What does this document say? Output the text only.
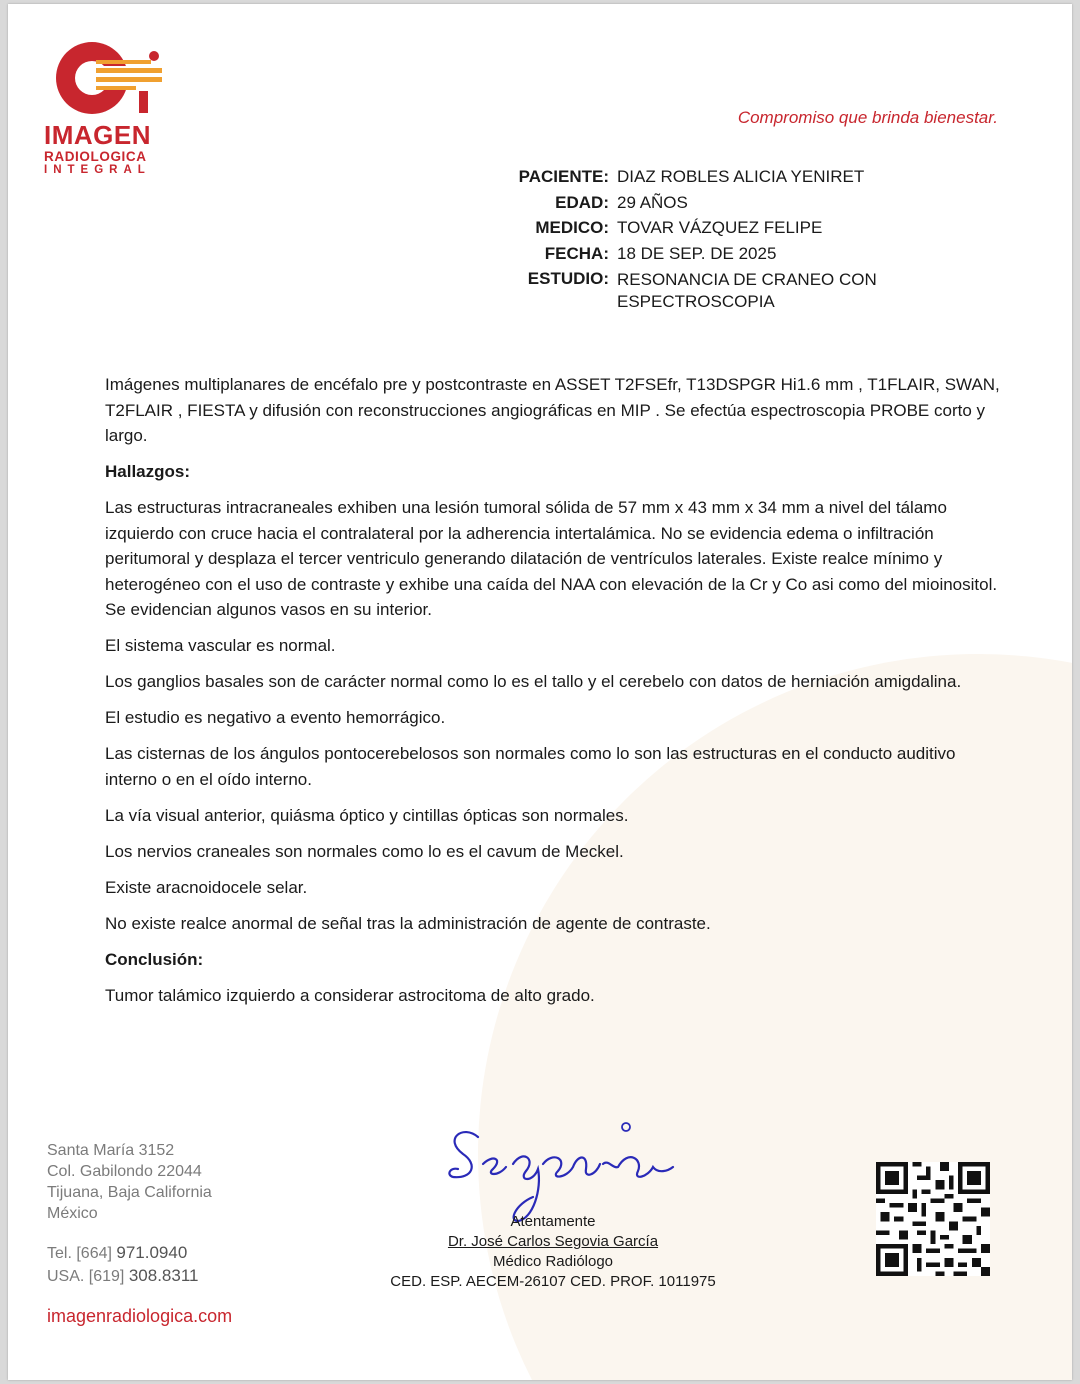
IMAGEN
RADIOLOGICA
INTEGRAL
Compromiso que brinda bienestar.
PACIENTE: DIAZ ROBLES ALICIA YENIRET
EDAD: 29 AÑOS
MEDICO: TOVAR VÁZQUEZ FELIPE
FECHA: 18 DE SEP. DE 2025
ESTUDIO: RESONANCIA DE CRANEO CON ESPECTROSCOPIA

Imágenes multiplanares de encéfalo pre y postcontraste en ASSET T2FSEfr, T13DSPGR Hi1.6 mm , T1FLAIR, SWAN, T2FLAIR , FIESTA y difusión con reconstrucciones angiográficas en MIP . Se efectúa espectroscopia PROBE corto y largo.

Hallazgos:

Las estructuras intracraneales exhiben una lesión tumoral sólida de 57 mm x 43 mm x 34 mm a nivel del tálamo izquierdo con cruce hacia el contralateral por la adherencia intertalámica. No se evidencia edema o infiltración peritumoral y desplaza el tercer ventriculo generando dilatación de ventrículos laterales. Existe realce mínimo y heterogéneo con el uso de contraste y exhibe una caída del NAA con elevación de la Cr y Co asi como del mioinositol. Se evidencian algunos vasos en su interior.

El sistema vascular es normal.

Los ganglios basales son de carácter normal como lo es el tallo y el cerebelo con datos de herniación amigdalina.

El estudio es negativo a evento hemorrágico.

Las cisternas de los ángulos pontocerebelosos son normales como lo son las estructuras en el conducto auditivo interno o en el oído interno.

La vía visual anterior, quiásma óptico y cintillas ópticas son normales.

Los nervios craneales son normales como lo es el cavum de Meckel.

Existe aracnoidocele selar.

No existe realce anormal de señal tras la administración de agente de contraste.

Conclusión:

Tumor talámico izquierdo a considerar astrocitoma de alto grado.

Santa María 3152
Col. Gabilondo 22044
Tijuana, Baja California
México
Tel. [664] 971.0940
USA. [619] 308.8311
imagenradiologica.com
Atentamente
Dr. José Carlos Segovia García
Médico Radiólogo
CED. ESP. AECEM-26107 CED. PROF. 1011975
